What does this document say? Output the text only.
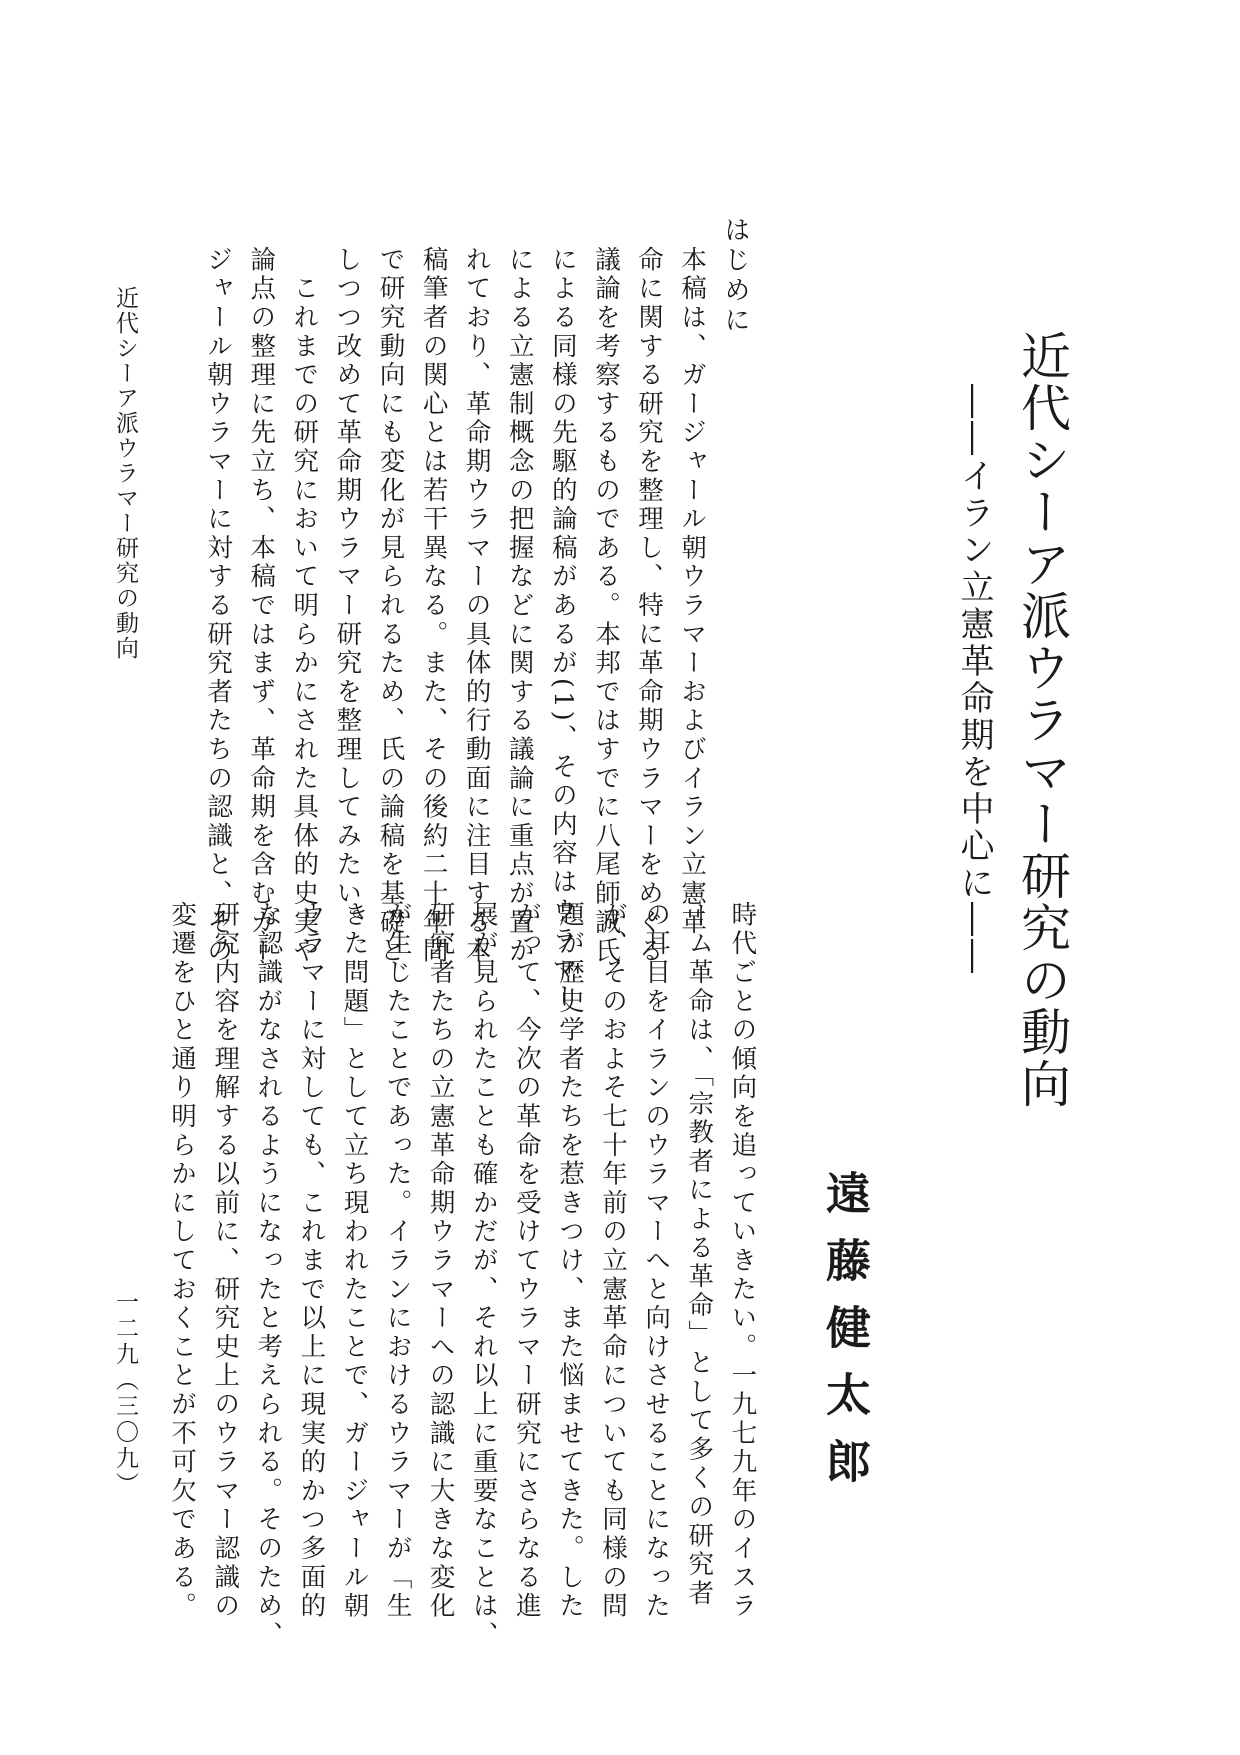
近代シーア派ウラマー研究の動向
――イラン立憲革命期を中心に――
遠藤健太郎
はじめに
本稿は、ガージャール朝ウラマーおよびイラン立憲革
命に関する研究を整理し、特に革命期ウラマーをめぐる
議論を考察するものである。本邦ではすでに八尾師誠氏
による同様の先駆的論稿があるが(1)、その内容はウラマー
による立憲制概念の把握などに関する議論に重点が置か
れており、革命期ウラマーの具体的行動面に注目する本
稿筆者の関心とは若干異なる。また、その後約二十年間
で研究動向にも変化が見られるため、氏の論稿を基礎と
しつつ改めて革命期ウラマー研究を整理してみたい。
　これまでの研究において明らかにされた具体的史実や
論点の整理に先立ち、本稿ではまず、革命期を含むガー
ジャール朝ウラマーに対する研究者たちの認識と、その
時代ごとの傾向を追っていきたい。一九七九年のイスラ
ーム革命は、「宗教者による革命」として多くの研究者
の耳目をイランのウラマーへと向けさせることになった
が、そのおよそ七十年前の立憲革命についても同様の問
題が歴史学者たちを惹きつけ、また悩ませてきた。した
がって、今次の革命を受けてウラマー研究にさらなる進
展が見られたことも確かだが、それ以上に重要なことは、
研究者たちの立憲革命期ウラマーへの認識に大きな変化
が生じたことであった。イランにおけるウラマーが「生
きた問題」として立ち現われたことで、ガージャール朝
ウラマーに対しても、これまで以上に現実的かつ多面的
な認識がなされるようになったと考えられる。そのため、
研究内容を理解する以前に、研究史上のウラマー認識の
変遷をひと通り明らかにしておくことが不可欠である。
近代シーア派ウラマー研究の動向
一二九（三〇九）
